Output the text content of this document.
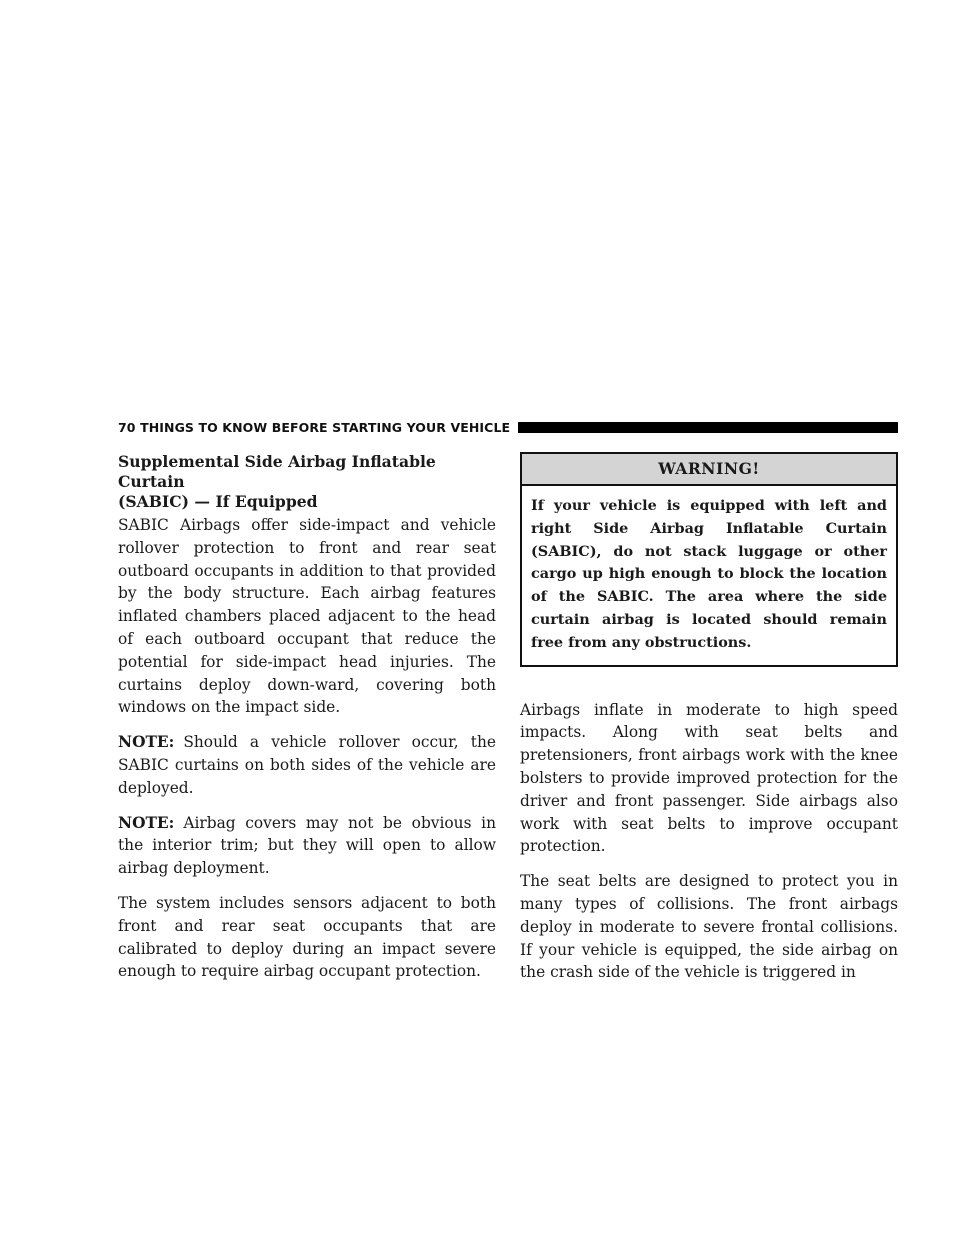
70 THINGS TO KNOW BEFORE STARTING YOUR VEHICLE
Supplemental Side Airbag Inflatable Curtain
(SABIC) — If Equipped

SABIC Airbags offer side-impact and vehicle rollover protection to front and rear seat outboard occupants in addition to that provided by the body structure. Each airbag features inflated chambers placed adjacent to the head of each outboard occupant that reduce the potential for side-impact head injuries. The curtains deploy down-ward, covering both windows on the impact side.

NOTE: Should a vehicle rollover occur, the SABIC curtains on both sides of the vehicle are deployed.

NOTE: Airbag covers may not be obvious in the interior trim; but they will open to allow airbag deployment.

The system includes sensors adjacent to both front and rear seat occupants that are calibrated to deploy during an impact severe enough to require airbag occupant protection.

WARNING!
If your vehicle is equipped with left and right Side Airbag Inflatable Curtain (SABIC), do not stack luggage or other cargo up high enough to block the location of the SABIC. The area where the side curtain airbag is located should remain free from any obstructions.

Airbags inflate in moderate to high speed impacts. Along with seat belts and pretensioners, front airbags work with the knee bolsters to provide improved protection for the driver and front passenger. Side airbags also work with seat belts to improve occupant protection.

The seat belts are designed to protect you in many types of collisions. The front airbags deploy in moderate to severe frontal collisions. If your vehicle is equipped, the side airbag on the crash side of the vehicle is triggered in
